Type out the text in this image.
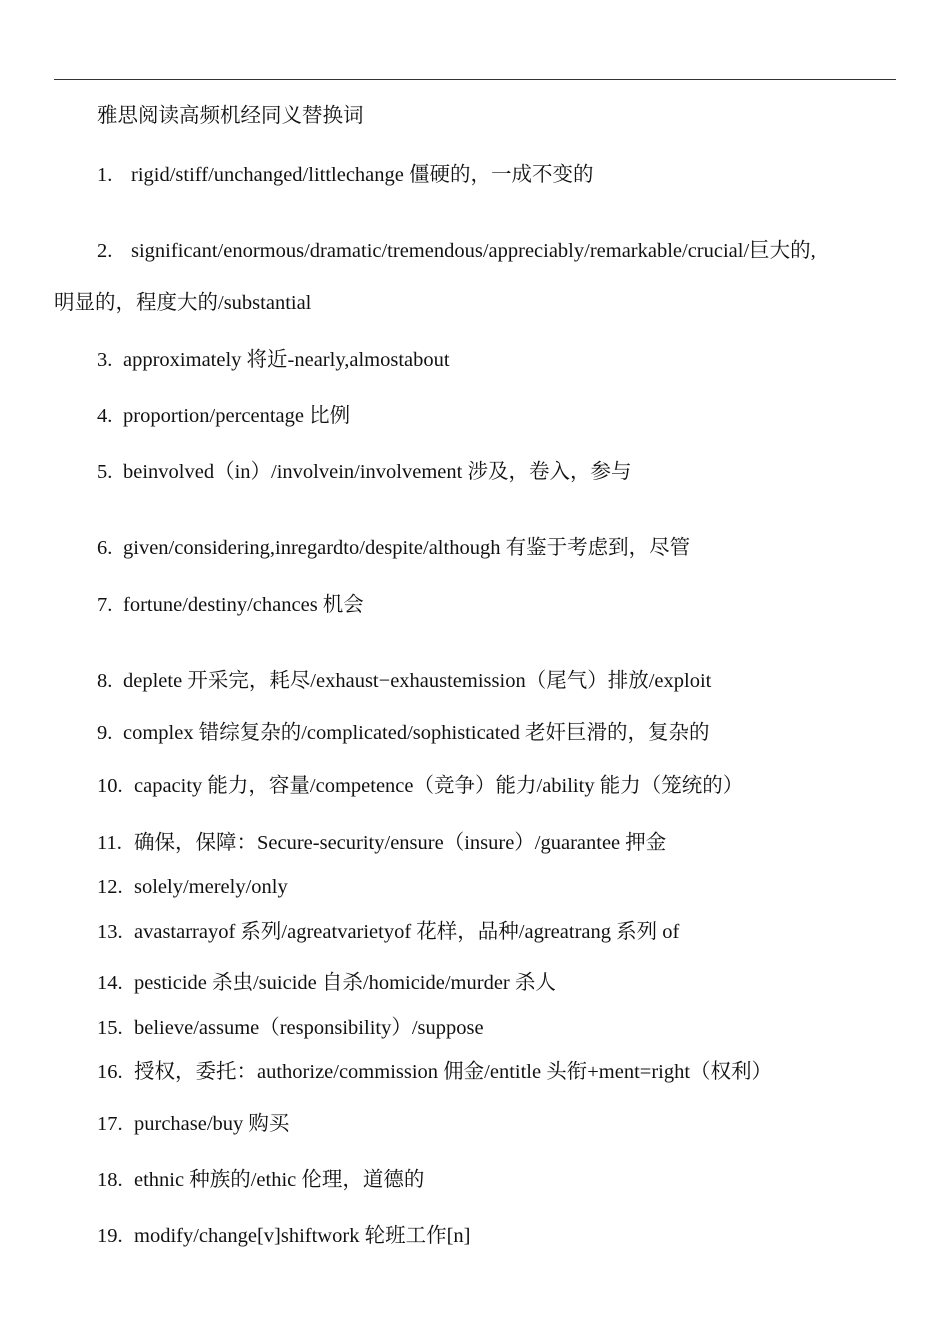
雅思阅读高频机经同义替换词
1. rigid/stiff/unchanged/littlechange 僵硬的，一成不变的
2. significant/enormous/dramatic/tremendous/appreciably/remarkable/crucial/巨大的,
明显的，程度大的/substantial
3. approximately 将近-nearly,almostabout
4. proportion/percentage 比例
5. beinvolved（in）/involvein/involvement 涉及，卷入，参与
6. given/considering,inregardto/despite/although 有鉴于考虑到，尽管
7. fortune/destiny/chances 机会
8. deplete 开采完，耗尽/exhaust−exhaustemission（尾气）排放/exploit
9. complex 错综复杂的/complicated/sophisticated 老奸巨滑的，复杂的
10. capacity 能力，容量/competence（竞争）能力/ability 能力（笼统的）
11. 确保，保障：Secure-security/ensure（insure）/guarantee 押金
12. solely/merely/only
13. avastarrayof 系列/agreatvarietyof 花样，品种/agreatrang 系列 of
14. pesticide 杀虫/suicide 自杀/homicide/murder 杀人
15. believe/assume（responsibility）/suppose
16. 授权，委托：authorize/commission 佣金/entitle 头衔+ment=right（权利）
17. purchase/buy 购买
18. ethnic 种族的/ethic 伦理，道德的
19. modify/change[v]shiftwork 轮班工作[n]
